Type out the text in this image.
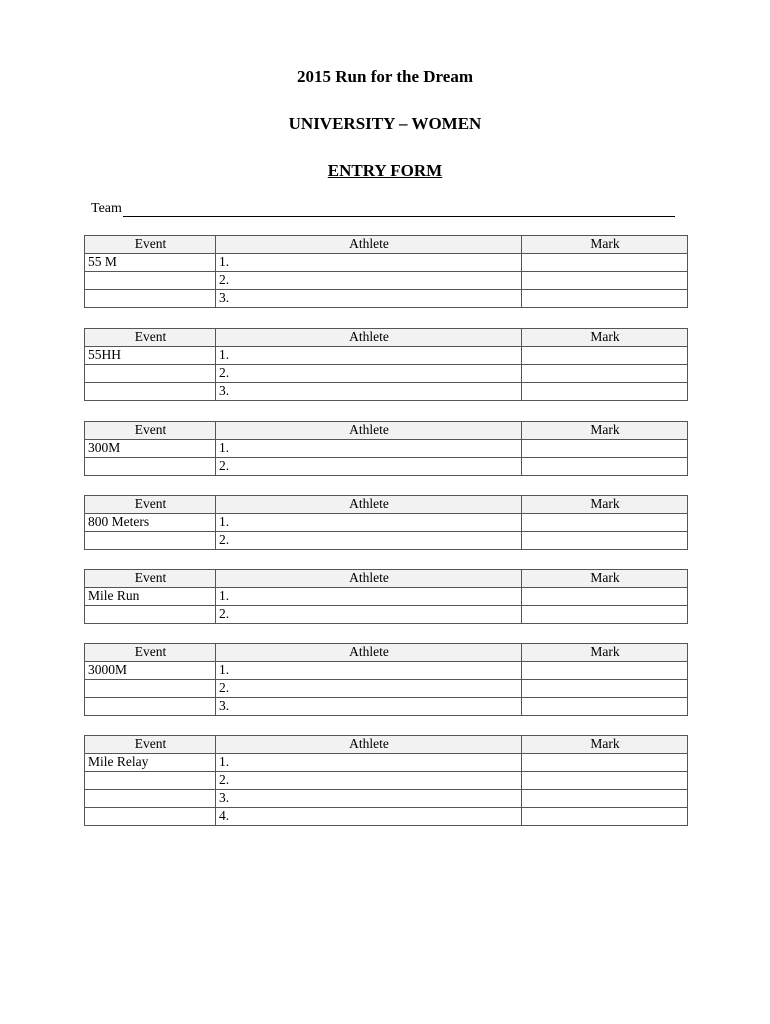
2015 Run for the Dream
UNIVERSITY – WOMEN
ENTRY FORM
Team
Event	Athlete	Mark
55 M	1.	
	2.	
	3.	
Event	Athlete	Mark
55HH	1.	
	2.	
	3.	
Event	Athlete	Mark
300M	1.	
	2.	
Event	Athlete	Mark
800 Meters	1.	
	2.	
Event	Athlete	Mark
Mile Run	1.	
	2.	
Event	Athlete	Mark
3000M	1.	
	2.	
	3.	
Event	Athlete	Mark
Mile Relay	1.	
	2.	
	3.	
	4.	
